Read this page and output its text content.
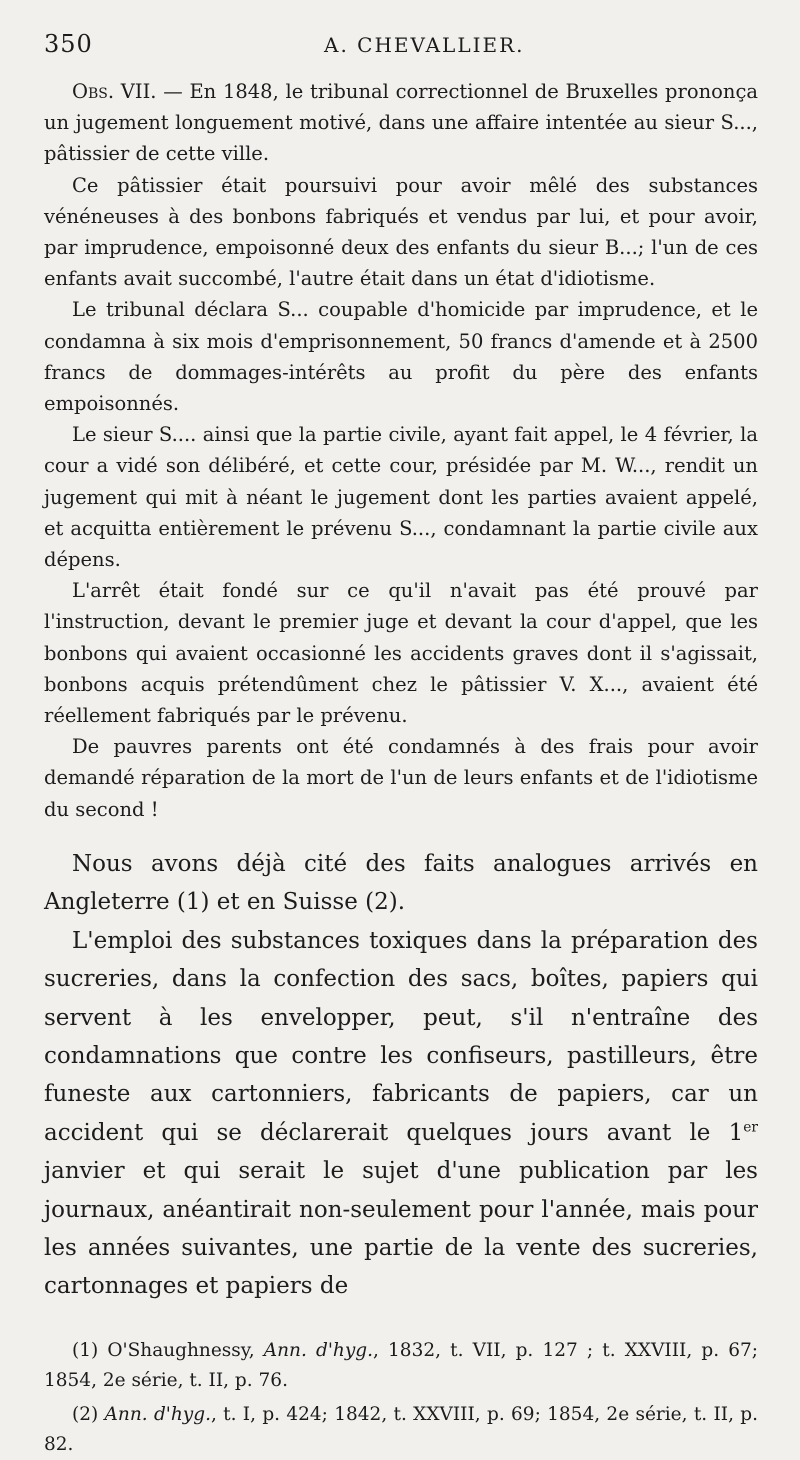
350	A. CHEVALLIER.

Obs. VII. — En 1848, le tribunal correctionnel de Bruxelles prononça un jugement longuement motivé, dans une affaire intentée au sieur S..., pâtissier de cette ville.

Ce pâtissier était poursuivi pour avoir mêlé des substances vénéneuses à des bonbons fabriqués et vendus par lui, et pour avoir, par imprudence, empoisonné deux des enfants du sieur B...; l'un de ces enfants avait succombé, l'autre était dans un état d'idiotisme.

Le tribunal déclara S... coupable d'homicide par imprudence, et le condamna à six mois d'emprisonnement, 50 francs d'amende et à 2500 francs de dommages-intérêts au profit du père des enfants empoisonnés.

Le sieur S.... ainsi que la partie civile, ayant fait appel, le 4 février, la cour a vidé son délibéré, et cette cour, présidée par M. W..., rendit un jugement qui mit à néant le jugement dont les parties avaient appelé, et acquitta entièrement le prévenu S..., condamnant la partie civile aux dépens.

L'arrêt était fondé sur ce qu'il n'avait pas été prouvé par l'instruction, devant le premier juge et devant la cour d'appel, que les bonbons qui avaient occasionné les accidents graves dont il s'agissait, bonbons acquis prétendûment chez le pâtissier V. X..., avaient été réellement fabriqués par le prévenu.

De pauvres parents ont été condamnés à des frais pour avoir demandé réparation de la mort de l'un de leurs enfants et de l'idiotisme du second !

Nous avons déjà cité des faits analogues arrivés en Angleterre (1) et en Suisse (2).

L'emploi des substances toxiques dans la préparation des sucreries, dans la confection des sacs, boîtes, papiers qui servent à les envelopper, peut, s'il n'entraîne des condamnations que contre les confiseurs, pastilleurs, être funeste aux cartonniers, fabricants de papiers, car un accident qui se déclarerait quelques jours avant le 1er janvier et qui serait le sujet d'une publication par les journaux, anéantirait non-seulement pour l'année, mais pour les années suivantes, une partie de la vente des sucreries, cartonnages et papiers de

(1) O'Shaughnessy, Ann. d'hyg., 1832, t. VII, p. 127 ; t. XXVIII, p. 67; 1854, 2e série, t. II, p. 76.

(2) Ann. d'hyg., t. I, p. 424; 1842, t. XXVIII, p. 69; 1854, 2e série, t. II, p. 82.
